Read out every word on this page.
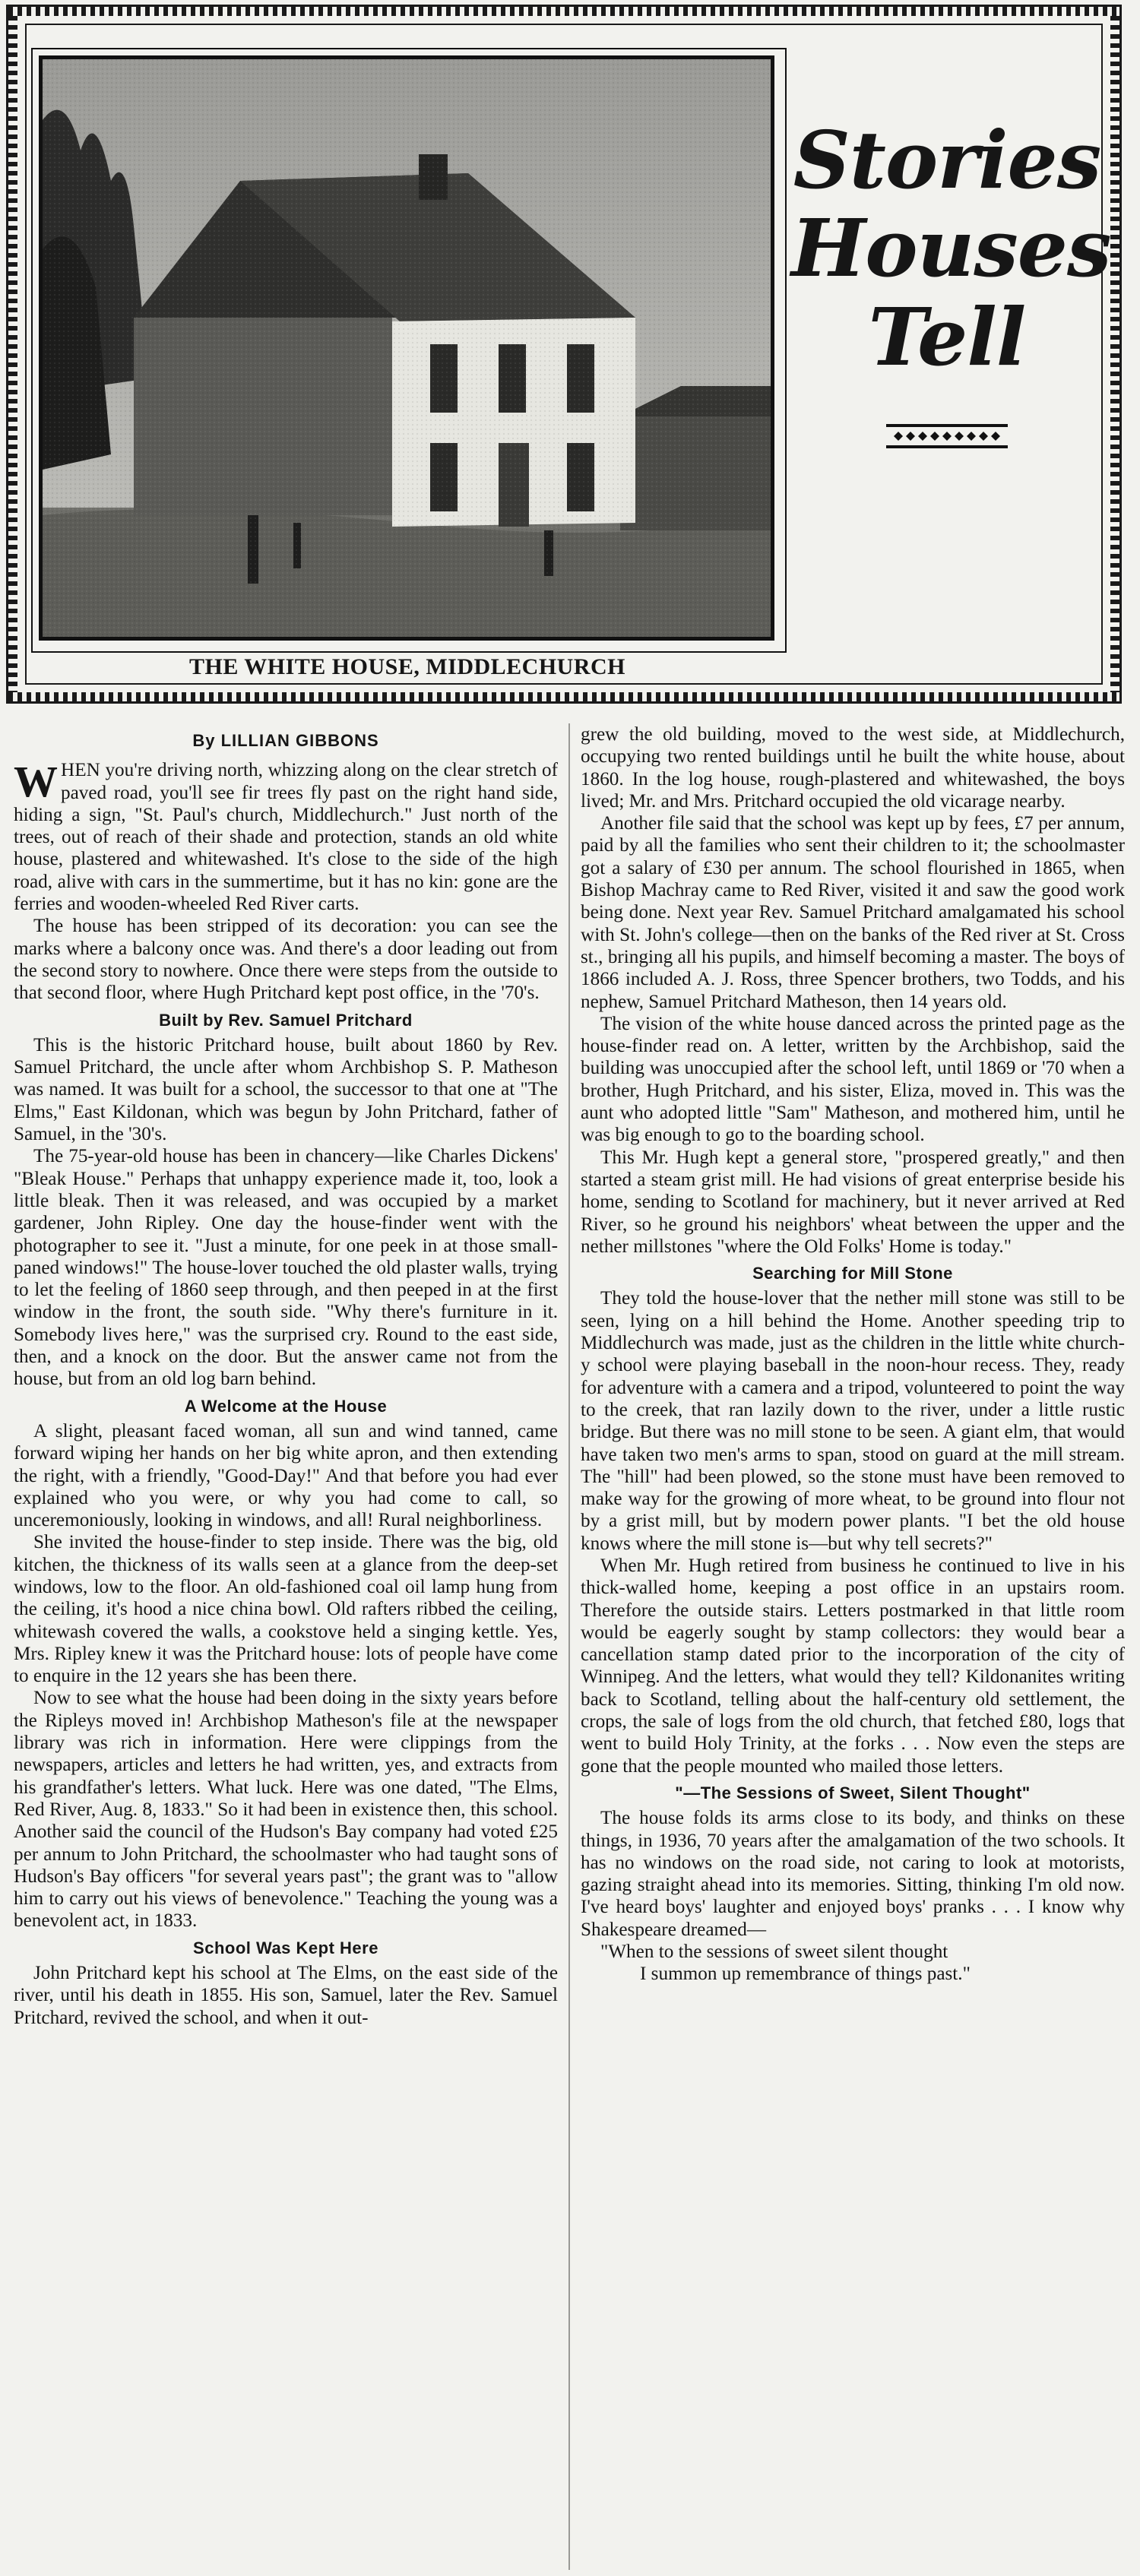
THE WHITE HOUSE, MIDDLECHURCH
Stories
Houses
Tell
By LILLIAN GIBBONS

WHEN you're driving north, whizzing along on the clear stretch of paved road, you'll see fir trees fly past on the right hand side, hiding a sign, "St. Paul's church, Middlechurch." Just north of the trees, out of reach of their shade and protection, stands an old white house, plastered and whitewashed. It's close to the side of the high road, alive with cars in the summertime, but it has no kin: gone are the ferries and wooden-wheeled Red River carts.

The house has been stripped of its decoration: you can see the marks where a balcony once was. And there's a door leading out from the second story to nowhere. Once there were steps from the outside to that second floor, where Hugh Pritchard kept post office, in the '70's.

Built by Rev. Samuel Pritchard

This is the historic Pritchard house, built about 1860 by Rev. Samuel Pritchard, the uncle after whom Archbishop S. P. Matheson was named. It was built for a school, the successor to that one at "The Elms," East Kildonan, which was begun by John Pritchard, father of Samuel, in the '30's.

The 75-year-old house has been in chancery—like Charles Dickens' "Bleak House." Perhaps that unhappy experience made it, too, look a little bleak. Then it was released, and was occupied by a market gardener, John Ripley. One day the house-finder went with the photographer to see it. "Just a minute, for one peek in at those small-paned windows!" The house-lover touched the old plaster walls, trying to let the feeling of 1860 seep through, and then peeped in at the first window in the front, the south side. "Why there's furniture in it. Somebody lives here," was the surprised cry. Round to the east side, then, and a knock on the door. But the answer came not from the house, but from an old log barn behind.

A Welcome at the House

A slight, pleasant faced woman, all sun and wind tanned, came forward wiping her hands on her big white apron, and then extending the right, with a friendly, "Good-Day!" And that before you had ever explained who you were, or why you had come to call, so unceremoniously, looking in windows, and all! Rural neighborliness.

She invited the house-finder to step inside. There was the big, old kitchen, the thickness of its walls seen at a glance from the deep-set windows, low to the floor. An old-fashioned coal oil lamp hung from the ceiling, it's hood a nice china bowl. Old rafters ribbed the ceiling, whitewash covered the walls, a cookstove held a singing kettle. Yes, Mrs. Ripley knew it was the Pritchard house: lots of people have come to enquire in the 12 years she has been there.

Now to see what the house had been doing in the sixty years before the Ripleys moved in! Archbishop Matheson's file at the newspaper library was rich in information. Here were clippings from the newspapers, articles and letters he had written, yes, and extracts from his grandfather's letters. What luck. Here was one dated, "The Elms, Red River, Aug. 8, 1833." So it had been in existence then, this school. Another said the council of the Hudson's Bay company had voted £25 per annum to John Pritchard, the schoolmaster who had taught sons of Hudson's Bay officers "for several years past"; the grant was to "allow him to carry out his views of benevolence." Teaching the young was a benevolent act, in 1833.

School Was Kept Here

John Pritchard kept his school at The Elms, on the east side of the river, until his death in 1855. His son, Samuel, later the Rev. Samuel Pritchard, revived the school, and when it out-

grew the old building, moved to the west side, at Middlechurch, occupying two rented buildings until he built the white house, about 1860. In the log house, rough-plastered and whitewashed, the boys lived; Mr. and Mrs. Pritchard occupied the old vicarage nearby.

Another file said that the school was kept up by fees, £7 per annum, paid by all the families who sent their children to it; the schoolmaster got a salary of £30 per annum. The school flourished in 1865, when Bishop Machray came to Red River, visited it and saw the good work being done. Next year Rev. Samuel Pritchard amalgamated his school with St. John's college—then on the banks of the Red river at St. Cross st., bringing all his pupils, and himself becoming a master. The boys of 1866 included A. J. Ross, three Spencer brothers, two Todds, and his nephew, Samuel Pritchard Matheson, then 14 years old.

The vision of the white house danced across the printed page as the house-finder read on. A letter, written by the Archbishop, said the building was unoccupied after the school left, until 1869 or '70 when a brother, Hugh Pritchard, and his sister, Eliza, moved in. This was the aunt who adopted little "Sam" Matheson, and mothered him, until he was big enough to go to the boarding school.

This Mr. Hugh kept a general store, "prospered greatly," and then started a steam grist mill. He had visions of great enterprise beside his home, sending to Scotland for machinery, but it never arrived at Red River, so he ground his neighbors' wheat between the upper and the nether millstones "where the Old Folks' Home is today."

Searching for Mill Stone

They told the house-lover that the nether mill stone was still to be seen, lying on a hill behind the Home. Another speeding trip to Middlechurch was made, just as the children in the little white church-y school were playing baseball in the noon-hour recess. They, ready for adventure with a camera and a tripod, volunteered to point the way to the creek, that ran lazily down to the river, under a little rustic bridge. But there was no mill stone to be seen. A giant elm, that would have taken two men's arms to span, stood on guard at the mill stream. The "hill" had been plowed, so the stone must have been removed to make way for the growing of more wheat, to be ground into flour not by a grist mill, but by modern power plants. "I bet the old house knows where the mill stone is—but why tell secrets?"

When Mr. Hugh retired from business he continued to live in his thick-walled home, keeping a post office in an upstairs room. Therefore the outside stairs. Letters postmarked in that little room would be eagerly sought by stamp collectors: they would bear a cancellation stamp dated prior to the incorporation of the city of Winnipeg. And the letters, what would they tell? Kildonanites writing back to Scotland, telling about the half-century old settlement, the crops, the sale of logs from the old church, that fetched £80, logs that went to build Holy Trinity, at the forks . . . Now even the steps are gone that the people mounted who mailed those letters.

"—The Sessions of Sweet, Silent Thought"

The house folds its arms close to its body, and thinks on these things, in 1936, 70 years after the amalgamation of the two schools. It has no windows on the road side, not caring to look at motorists, gazing straight ahead into its memories. Sitting, thinking I'm old now. I've heard boys' laughter and enjoyed boys' pranks . . . I know why Shakespeare dreamed—

"When to the sessions of sweet silent thought

I summon up remembrance of things past."
